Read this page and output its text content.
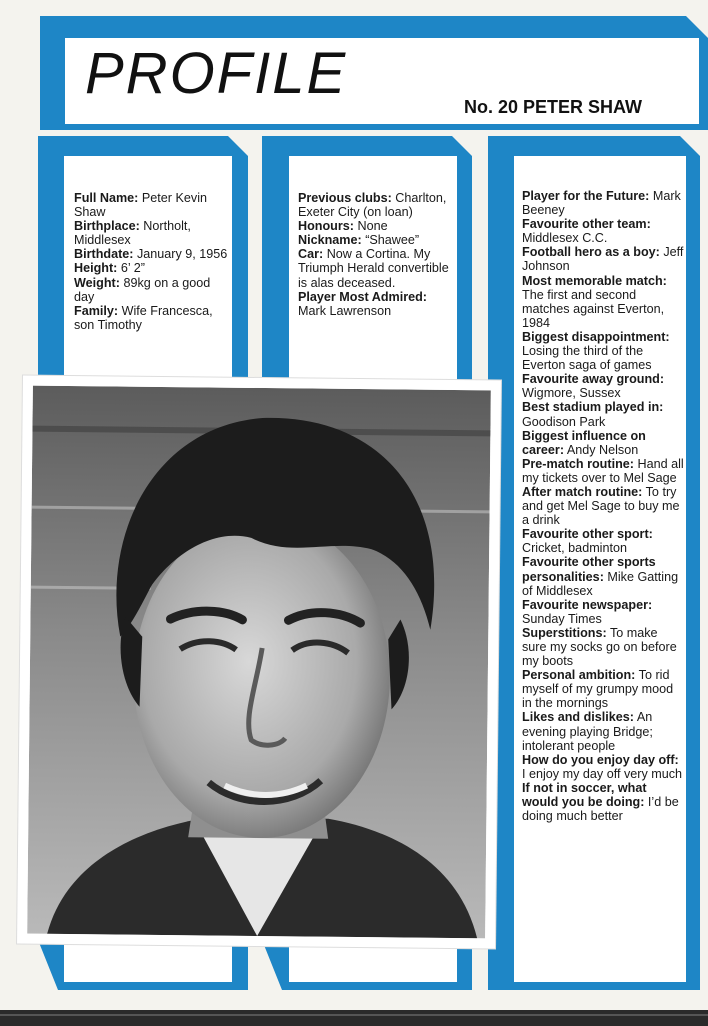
PROFILE
No. 20 PETER SHAW

Full Name: Peter Kevin Shaw

Birthplace: Northolt, Middlesex

Birthdate: January 9, 1956

Height: 6’ 2”

Weight: 89kg on a good day

Family: Wife Francesca, son Timothy

Previous clubs: Charlton, Exeter City (on loan)

Honours: None

Nickname: “Shawee”

Car: Now a Cortina. My Triumph Herald convertible is alas deceased.

Player Most Admired: Mark Lawrenson

Player for the Future: Mark Beeney

Favourite other team: Middlesex C.C.

Football hero as a boy: Jeff Johnson

Most memorable match: The first and second matches against Everton, 1984

Biggest disappointment: Losing the third of the Everton saga of games

Favourite away ground: Wigmore, Sussex

Best stadium played in: Goodison Park

Biggest influence on career: Andy Nelson

Pre-match routine: Hand all my tickets over to Mel Sage

After match routine: To try and get Mel Sage to buy me a drink

Favourite other sport: Cricket, badminton

Favourite other sports personalities: Mike Gatting of Middlesex

Favourite newspaper: Sunday Times

Superstitions: To make sure my socks go on before my boots

Personal ambition: To rid myself of my grumpy mood in the mornings

Likes and dislikes: An evening playing Bridge; intolerant people

How do you enjoy day off: I enjoy my day off very much

If not in soccer, what would you be doing: I’d be doing much better
